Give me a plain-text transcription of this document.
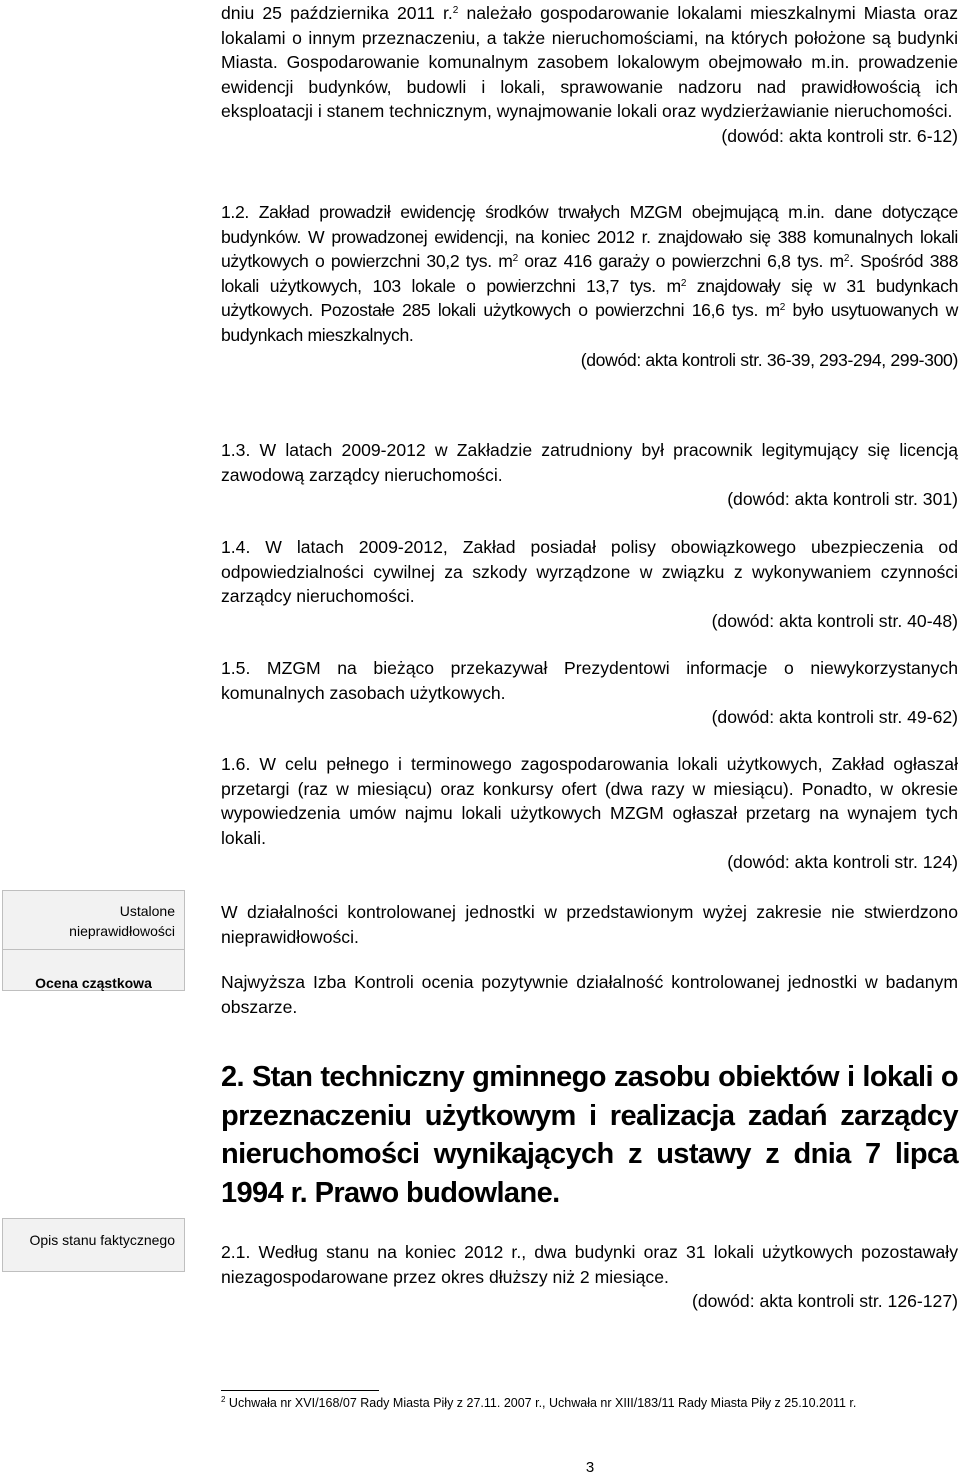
dniu 25 października 2011 r.$^2$ należało gospodarowanie lokalami mieszkalnymi Miasta oraz lokalami o innym przeznaczeniu, a także nieruchomościami, na których położone są budynki Miasta. Gospodarowanie komunalnym zasobem lokalowym obejmowało m.in. prowadzenie ewidencji budynków, budowli i lokali, sprawowanie nadzoru nad prawidłowością ich eksploatacji i stanem technicznym, wynajmowanie lokali oraz wydzierżawianie nieruchomości.

(dowód: akta kontroli str. 6-12)

1.2. Zakład prowadził ewidencję środków trwałych MZGM obejmującą m.in. dane dotyczące budynków. W prowadzonej ewidencji, na koniec 2012 r. znajdowało się 388 komunalnych lokali użytkowych o powierzchni 30,2 tys. $m^2$ oraz 416 garaży o powierzchni 6,8 tys. $m^2$. Spośród 388 lokali użytkowych, 103 lokale o powierzchni 13,7 tys. $m^2$ znajdowały się w 31 budynkach użytkowych. Pozostałe 285 lokali użytkowych o powierzchni 16,6 tys. $m^2$ było usytuowanych w budynkach mieszkalnych.

(dowód: akta kontroli str. 36-39, 293-294, 299-300)

1.3. W latach 2009-2012 w Zakładzie zatrudniony był pracownik legitymujący się licencją zawodową zarządcy nieruchomości.

(dowód: akta kontroli str. 301)

1.4. W latach 2009-2012, Zakład posiadał polisy obowiązkowego ubezpieczenia od odpowiedzialności cywilnej za szkody wyrządzone w związku z wykonywaniem czynności zarządcy nieruchomości.

(dowód: akta kontroli str. 40-48)

1.5. MZGM na bieżąco przekazywał Prezydentowi informacje o niewykorzystanych komunalnych zasobach użytkowych.

(dowód: akta kontroli str. 49-62)

1.6. W celu pełnego i terminowego zagospodarowania lokali użytkowych, Zakład ogłaszał przetargi (raz w miesiącu) oraz konkursy ofert (dwa razy w miesiącu). Ponadto, w okresie wypowiedzenia umów najmu lokali użytkowych MZGM ogłaszał przetarg na wynajem tych lokali.

(dowód: akta kontroli str. 124)

W działalności kontrolowanej jednostki w przedstawionym wyżej zakresie nie stwierdzono nieprawidłowości.

Najwyższa Izba Kontroli ocenia pozytywnie działalność kontrolowanej jednostki w badanym obszarze.

2. Stan techniczny gminnego zasobu obiektów i lokali o przeznaczeniu użytkowym i realizacja zadań zarządcy nieruchomości wynikających z ustawy z dnia 7 lipca 1994 r. Prawo budowlane.

2.1. Według stanu na koniec 2012 r., dwa budynki oraz 31 lokali użytkowych pozostawały niezagospodarowane przez okres dłuższy niż 2 miesiące.

(dowód: akta kontroli str. 126-127)

Ustalone nieprawidłowości

Ocena cząstkowa

Opis stanu faktycznego

$^2$ Uchwała nr XVI/168/07 Rady Miasta Piły z 27.11. 2007 r., Uchwała nr XIII/183/11 Rady Miasta Piły z 25.10.2011 r.

3
